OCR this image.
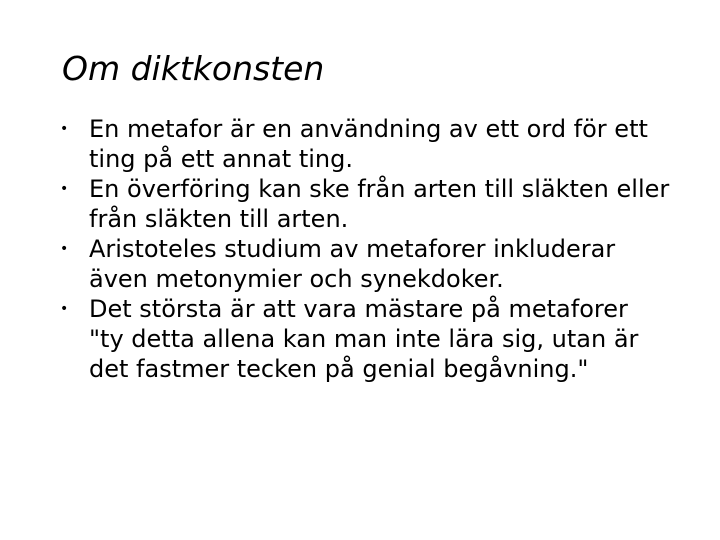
Om diktkonsten
• En metafor är en användning av ett ord för ett ting på ett annat ting.
• En överföring kan ske från arten till släkten eller från släkten till arten.
• Aristoteles studium av metaforer inkluderar även metonymier och synekdoker.
• Det största är att vara mästare på metaforer "ty detta allena kan man inte lära sig, utan är det fastmer tecken på genial begåvning."
